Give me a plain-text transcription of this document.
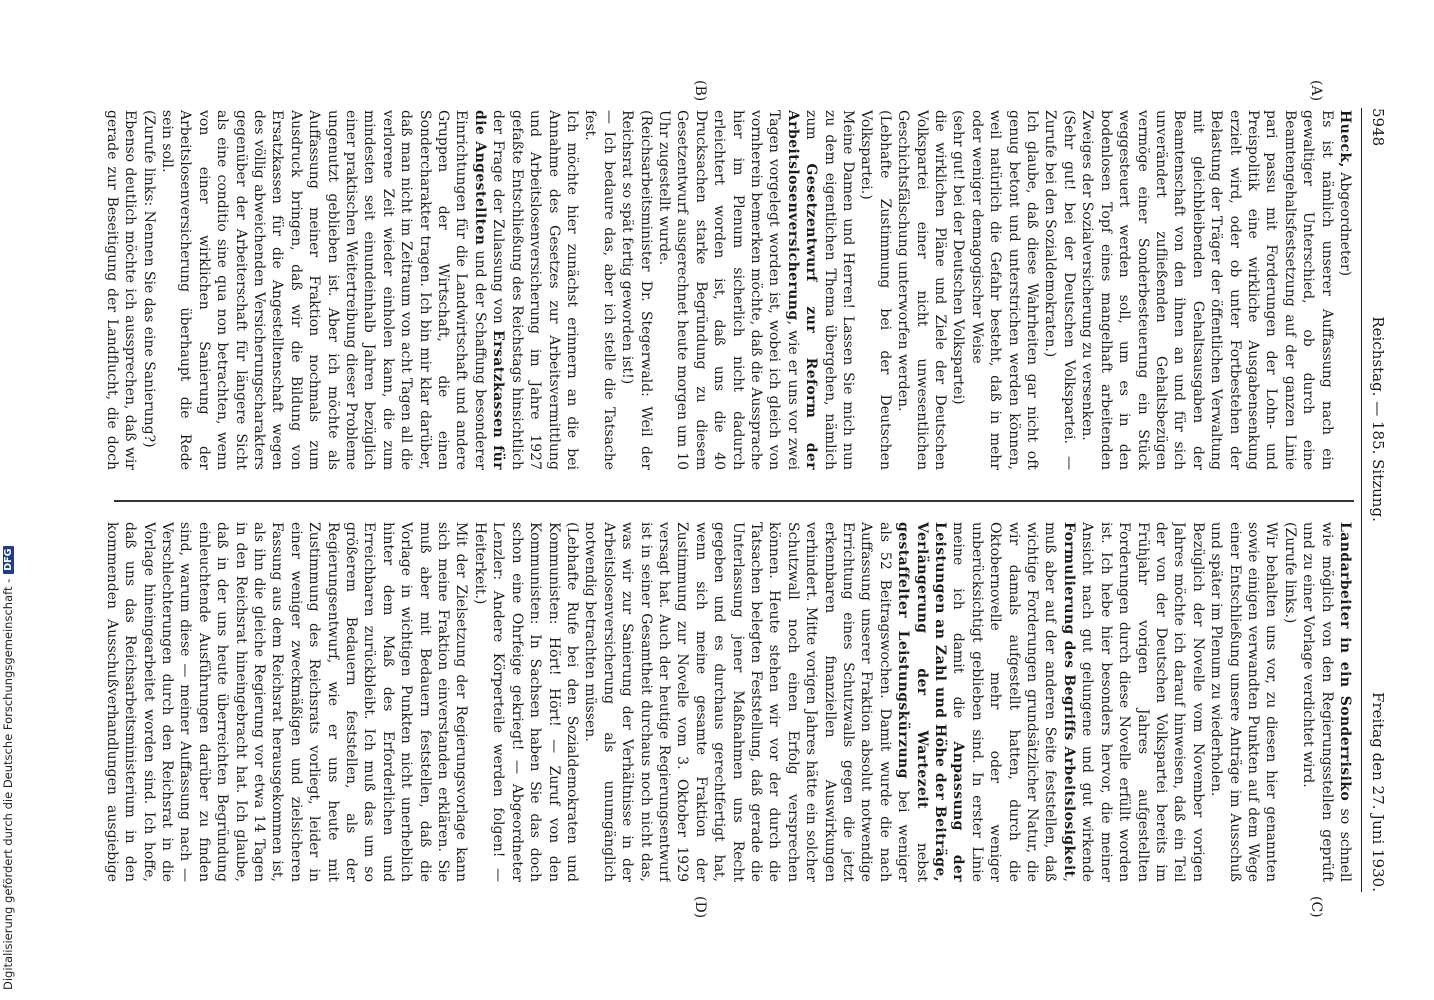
5948
Reichstag. — 185. Sitzung.
Freitag den 27. Juni 1930.
Hueck, Abgeordneter)
Es ist nämlich unserer Auffassung nach ein gewaltiger Unterschied, ob durch eine Beamtengehaltsfestsetzung auf der ganzen Linie pari passu mit Forderungen der Lohn- und Preispolitik eine wirkliche Ausgabensenkung erzielt wird, oder ob unter Fortbestehen der Belastung der Träger der öffentlichen Verwaltung mit gleichbleibenden Gehaltsausgaben der Beamtenschaft von den ihnen an und für sich unverändert zufließenden Gehaltsbezügen vermöge einer Sonderbesteuerung ein Stück weggesteuert werden soll, um es in den bodenlosen Topf eines mangelhaft arbeitenden Zweiges der Sozialversicherung zu versenken.
(Sehr gut! bei der Deutschen Volkspartei. — Zurufe bei den Sozialdemokraten.)
Ich glaube, daß diese Wahrheiten gar nicht oft genug betont und unterstrichen werden können, weil natürlich die Gefahr besteht, daß in mehr oder weniger demagogischer Weise
(sehr gut! bei der Deutschen Volkspartei)
die wirklichen Pläne und Ziele der Deutschen Volkspartei einer nicht unwesentlichen Geschichtsfälschung unterworfen werden.
(Lebhafte Zustimmung bei der Deutschen Volkspartei.)
Meine Damen und Herren! Lassen Sie mich nun zu dem eigentlichen Thema übergehen, nämlich zum Gesetzentwurf zur Reform der Arbeitslosenversicherung, wie er uns vor zwei Tagen vorgelegt worden ist, wobei ich gleich von vornherein bemerken möchte, daß die Aussprache hier im Plenum sicherlich nicht dadurch erleichtert worden ist, daß uns die 40 Drucksachen starke Begründung zu diesem Gesetzentwurf ausgerechnet heute morgen um 10 Uhr zugestellt wurde.
(Reichsarbeitsminister Dr. Stegerwald: Weil der Reichsrat so spät fertig geworden ist!)
— Ich bedaure das, aber ich stelle die Tatsache fest.
Ich möchte hier zunächst erinnern an die bei Annahme des Gesetzes zur Arbeitsvermittlung und Arbeitslosenversicherung im Jahre 1927 gefaßte Entschließung des Reichstags hinsichtlich der Frage der Zulassung von Ersatzkassen für die Angestellten und der Schaffung besonderer Einrichtungen für die Landwirtschaft und andere Gruppen der Wirtschaft, die einen Sondercharakter tragen. Ich bin mir klar darüber, daß man nicht im Zeitraum von acht Tagen all die verlorene Zeit wieder einholen kann, die zum mindesten seit einundeinhalb Jahren bezüglich einer praktischen Weitertreibung dieser Probleme ungenutzt geblieben ist. Aber ich möchte als Auffassung meiner Fraktion nochmals zum Ausdruck bringen, daß wir die Bildung von Ersatzkassen für die Angestelltenschaft wegen des völlig abweichenden Versicherungscharakters gegenüber der Arbeiterschaft für längere Sicht als eine conditio sine qua non betrachten, wenn von einer wirklichen Sanierung der Arbeitslosenversicherung überhaupt die Rede sein soll.
(Zurufe links: Nennen Sie das eine Sanierung?)
Ebenso deutlich möchte ich aussprechen, daß wir gerade zur Beseitigung der Landflucht, die doch
Landarbeiter in ein Sonderrisiko so schnell wie möglich von den Regierungsstellen geprüft und zu einer Vorlage verdichtet wird.
(Zurufe links.)
Wir behalten uns vor, zu diesen hier genannten sowie einigen verwandten Punkten auf dem Wege einer Entschließung unsere Anträge im Ausschuß und später im Plenum zu wiederholen.
Bezüglich der Novelle vom November vorigen Jahres möchte ich darauf hinweisen, daß ein Teil der von der Deutschen Volkspartei bereits im Frühjahr vorigen Jahres aufgestellten Forderungen durch diese Novelle erfüllt worden ist. Ich hebe hier besonders hervor, die meiner Ansicht nach gut gelungene und gut wirkende Formulierung des Begriffs Arbeitslosigkeit, muß aber auf der anderen Seite feststellen, daß wichtige Forderungen grundsätzlicher Natur, die wir damals aufgestellt hatten, durch die Oktobernovelle mehr oder weniger unberücksichtigt geblieben sind. In erster Linie meine ich damit die Anpassung der Leistungen an Zahl und Höhe der Beiträge, Verlängerung der Wartezeit nebst gestaffelter Leistungskürzung bei weniger als 52 Beitragswochen. Damit wurde die nach Auffassung unserer Fraktion absolut notwendige Errichtung eines Schutzwalls gegen die jetzt erkennbaren finanziellen Auswirkungen verhindert. Mitte vorigen Jahres hätte ein solcher Schutzwall noch einen Erfolg versprechen können. Heute stehen wir vor der durch die Tatsachen belegten Feststellung, daß gerade die Unterlassung jener Maßnahmen uns Recht gegeben und es durchaus gerechtfertigt hat, wenn sich meine gesamte Fraktion der Zustimmung zur Novelle vom 3. Oktober 1929 versagt hat. Auch der heutige Regierungsentwurf ist in seiner Gesamtheit durchaus noch nicht das, was wir zur Sanierung der Verhältnisse in der Arbeitslosenversicherung als unumgänglich notwendig betrachten müssen.
(Lebhafte Rufe bei den Sozialdemokraten und Kommunisten: Hört! Hört! — Zuruf von den Kommunisten: In Sachsen haben Sie das doch schon eine Ohrfeige gekriegt! — Abgeordneter Lenzler: Andere Körperteile werden folgen! — Heiterkeit.)
Mit der Zielsetzung der Regierungsvorlage kann sich meine Fraktion einverstanden erklären. Sie muß aber mit Bedauern feststellen, daß die Vorlage in wichtigen Punkten nicht unerheblich hinter dem Maß des Erforderlichen und Erreichbaren zurückbleibt. Ich muß das um so größerem Bedauern feststellen, als der Regierungsentwurf, wie er uns heute mit Zustimmung des Reichsrats vorliegt, leider in einer weniger zweckmäßigen und zielsicheren Fassung aus dem Reichsrat herausgekommen ist, als ihn die gleiche Regierung vor etwa 14 Tagen in den Reichsrat hineingebracht hat. Ich glaube, daß in der uns heute überreichten Begründung einleuchtende Ausführungen darüber zu finden sind, warum diese — meiner Auffassung nach — Verschlechterungen durch den Reichsrat in die Vorlage hineingearbeitet worden sind. Ich hoffe, daß uns das Reichsarbeitsministerium in den kommenden Ausschußverhandlungen ausgiebige

(A)
(B)
(C)
(D)
Digitalisierung gefördert durch die Deutsche Forschungsgemeinschaft -
DFG
